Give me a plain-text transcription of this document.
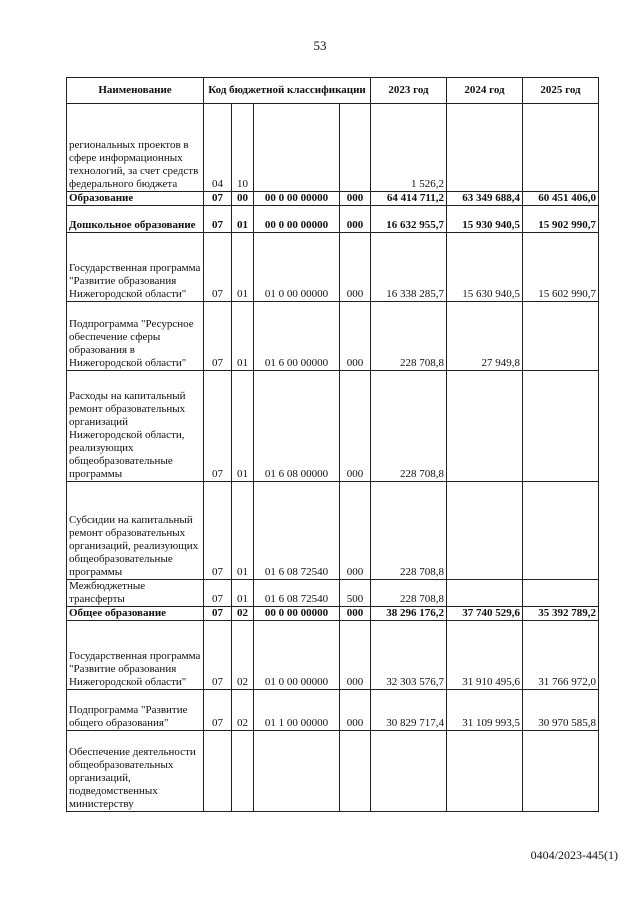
53
Наименование	Код бюджетной классификации				2023 год	2024 год	2025 год
региональных проектов в сфере информационных технологий, за счет средств федерального бюджета	04	10			1 526,2		
Образование	07	00	00 0 00 00000	000	64 414 711,2	63 349 688,4	60 451 406,0
Дошкольное образование	07	01	00 0 00 00000	000	16 632 955,7	15 930 940,5	15 902 990,7
Государственная программа "Развитие образования Нижегородской области"	07	01	01 0 00 00000	000	16 338 285,7	15 630 940,5	15 602 990,7
Подпрограмма "Ресурсное обеспечение сферы образования в Нижегородской области"	07	01	01 6 00 00000	000	228 708,8	27 949,8	
Расходы на капитальный ремонт образовательных организаций Нижегородской области, реализующих общеобразовательные программы	07	01	01 6 08 00000	000	228 708,8		
Субсидии на капитальный ремонт образовательных организаций, реализующих общеобразовательные программы	07	01	01 6 08 72540	000	228 708,8		
Межбюджетные трансферты	07	01	01 6 08 72540	500	228 708,8		
Общее образование	07	02	00 0 00 00000	000	38 296 176,2	37 740 529,6	35 392 789,2
Государственная программа "Развитие образования Нижегородской области"	07	02	01 0 00 00000	000	32 303 576,7	31 910 495,6	31 766 972,0
Подпрограмма "Развитие общего образования"	07	02	01 1 00 00000	000	30 829 717,4	31 109 993,5	30 970 585,8
Обеспечение деятельности общеобразовательных организаций, подведомственных министерству							
0404/2023-445(1)
